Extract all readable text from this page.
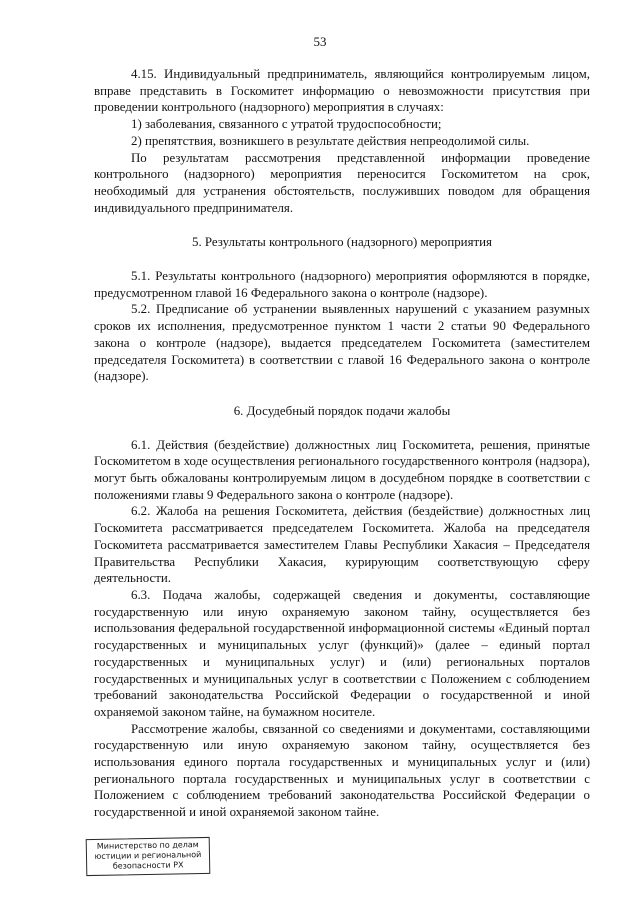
53

4.15. Индивидуальный предприниматель, являющийся контролируемым лицом, вправе представить в Госкомитет информацию о невозможности присутствия при проведении контрольного (надзорного) мероприятия в случаях:

1) заболевания, связанного с утратой трудоспособности;

2) препятствия, возникшего в результате действия непреодолимой силы.

По результатам рассмотрения представленной информации проведение контрольного (надзорного) мероприятия переносится Госкомитетом на срок, необходимый для устранения обстоятельств, послуживших поводом для обращения индивидуального предпринимателя.

5. Результаты контрольного (надзорного) мероприятия

5.1. Результаты контрольного (надзорного) мероприятия оформляются в порядке, предусмотренном главой 16 Федерального закона о контроле (надзоре).

5.2. Предписание об устранении выявленных нарушений с указанием разумных сроков их исполнения, предусмотренное пунктом 1 части 2 статьи 90 Федерального закона о контроле (надзоре), выдается председателем Госкомитета (заместителем председателя Госкомитета) в соответствии с главой 16 Федерального закона о контроле (надзоре).

6. Досудебный порядок подачи жалобы

6.1. Действия (бездействие) должностных лиц Госкомитета, решения, принятые Госкомитетом в ходе осуществления регионального государственного контроля (надзора), могут быть обжалованы контролируемым лицом в досудебном порядке в соответствии с положениями главы 9 Федерального закона о контроле (надзоре).

6.2. Жалоба на решения Госкомитета, действия (бездействие) должностных лиц Госкомитета рассматривается председателем Госкомитета. Жалоба на председателя Госкомитета рассматривается заместителем Главы Республики Хакасия – Председателя Правительства Республики Хакасия, курирующим соответствующую сферу деятельности.

6.3. Подача жалобы, содержащей сведения и документы, составляющие государственную или иную охраняемую законом тайну, осуществляется без использования федеральной государственной информационной системы «Единый портал государственных и муниципальных услуг (функций)» (далее – единый портал государственных и муниципальных услуг) и (или) региональных порталов государственных и муниципальных услуг в соответствии с Положением с соблюдением требований законодательства Российской Федерации о государственной и иной охраняемой законом тайне, на бумажном носителе.

Рассмотрение жалобы, связанной со сведениями и документами, составляющими государственную или иную охраняемую законом тайну, осуществляется без использования единого портала государственных и муниципальных услуг и (или) регионального портала государственных и муниципальных услуг в соответствии с Положением с соблюдением требований законодательства Российской Федерации о государственной и иной охраняемой законом тайне.

Министерство по делам
юстиции и региональной
безопасности РХ
